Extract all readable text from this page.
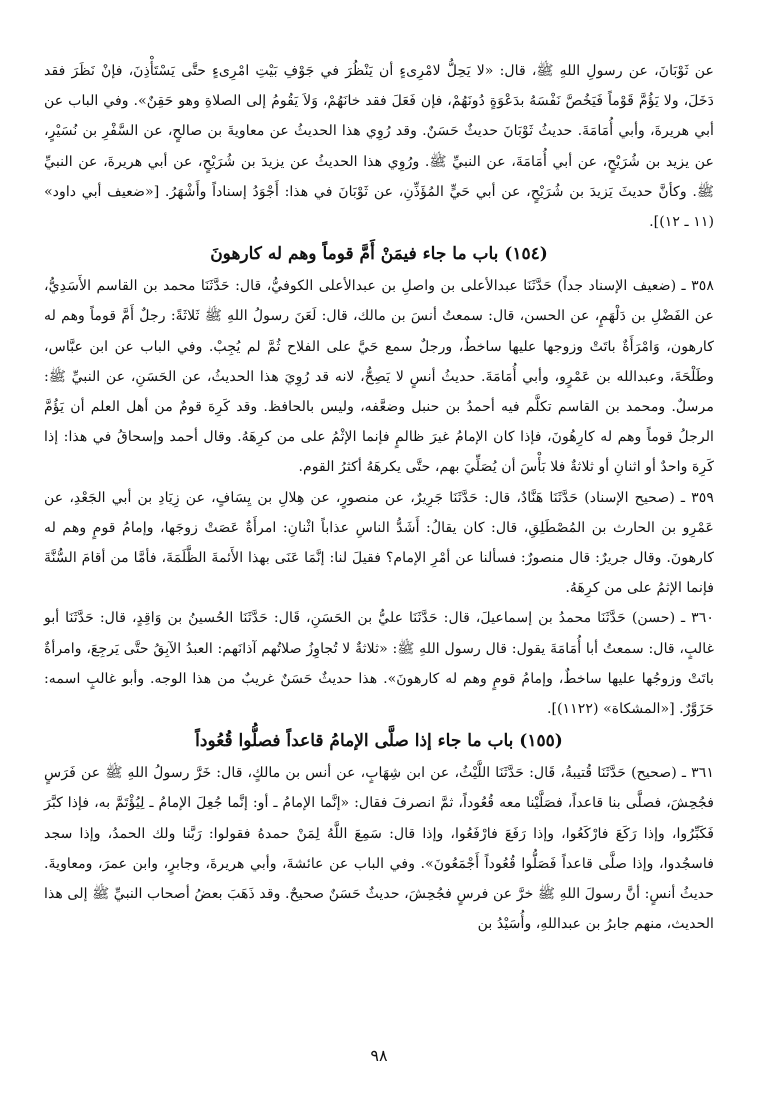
عن ثَوْبَانَ، عن رسولِ اللهِ ﷺ، قال: «لا يَحِلُّ لامْرِىءٍ أن يَنْظُرَ في جَوْفِ بَيْتِ امْرِىءٍ حتَّى يَسْتَأْذِنَ، فإنْ نَظَرَ فقد دَخَلَ، ولا يَؤُمَّ قَوْماً فَيَخُصَّ نَفْسَهُ بدَعْوَةٍ دُونَهُمْ، فإن فَعَلَ فقد خانَهُمْ، وَلاَ يَقُومُ إلى الصلاةِ وهو حَقِنٌ». وفي الباب عن أبي هريرةَ، وأبي أُمَامَةَ. حديثُ ثَوْبَانَ حديثٌ حَسَنٌ. وقد رُوِي هذا الحديثُ عن معاويةَ بن صالحٍ، عن السَّفْرِ بن نُسَيْرٍ، عن يزيد بن شُرَيْحٍ، عن أبي أُمَامَةَ، عن النبيِّ ﷺ. ورُوِي هذا الحديثُ عن يزيدَ بن شُرَيْحٍ، عن أبي هريرةَ، عن النبيِّ ﷺ. وكأنَّ حديثَ يَزيدَ بن شُرَيْحٍ، عن أبي حَيٍّ المُؤَذِّنِ، عن ثَوْبَانَ في هذا: أَجْوَدُ إسناداً وأَشْهَرُ. [«ضعيف أبي داود» (١١ ـ ١٢)].

(١٥٤) باب ما جاء فيمَنْ أَمَّ قوماً وهم له كارهونَ

٣٥٨ ـ (ضعيف الإسناد جداً) حَدَّثَنَا عبدالأعلى بن واصلِ بن عبدالأعلى الكوفيُّ، قال: حَدَّثَنَا محمد بن القاسم الأَسَدِيُّ، عن الفَضْلِ بن دَلْهَمٍ، عن الحسن، قال: سمعتُ أنسَ بن مالك، قال: لَعَنَ رسولُ اللهِ ﷺ ثَلاثَةً: رجلٌ أَمَّ قوماً وهم له كارهون، وَامْرَأَةٌ باتَتْ وزوجها عليها ساخطٌ، ورجلٌ سمع حَيَّ على الفلاح ثُمَّ لم يُجِبْ. وفي الباب عن ابن عبَّاس، وطَلْحَةَ، وعبدالله بن عَمْرٍو، وأبي أُمَامَةَ. حديثُ أنسٍ لا يَصِحُّ، لانه قد رُوِيَ هذا الحديثُ، عن الحَسَنِ، عن النبيِّ ﷺ: مرسلٌ. ومحمد بن القاسم تكلَّم فيه أحمدُ بن حنبل وضعَّفه، وليس بالحافظ. وقد كَرِهَ قومٌ من أهل العلم أن يَؤُمَّ الرجلُ قوماً وهم له كارِهُونَ، فإذا كان الإمامُ غيرَ ظالمٍ فإنما الإثْمُ على من كرِهَهُ. وقال أحمد وإسحاقُ في هذا: إذا كَرِهَ واحدٌ أو اثنانِ أو ثلاثةٌ فلا بَأْسَ أن يُصَلِّيَ بهم، حتَّى يكرهَهُ أكثرُ القوم.

٣٥٩ ـ (صحيح الإسناد) حَدَّثَنَا هَنَّادٌ، قال: حَدَّثَنَا جَرِيرٌ، عن منصورٍ، عن هِلالِ بن يِسَافٍ، عن زِيَادِ بن أبي الجَعْدِ، عن عَمْرِو بن الحارث بن المُصْطَلِقِ، قال: كان يقالُ: أَشَدُّ الناسِ عذاباً اثْنانِ: امرأَةٌ عَصَتْ زوجَها، وإمامُ قومٍ وهم له كارهونَ. وقال جريرٌ: قال منصورٌ: فسألنا عن أمْرِ الإمام؟ فقيلَ لنا: إنَّمَا عَنَى بهذا الأَئمةَ الظَّلَمَةَ، فأمَّا من أقامَ السُّنَّةَ فإنما الإثمُ على من كرِهَهُ.

٣٦٠ ـ (حسن) حَدَّثَنَا محمدُ بن إسماعيلَ، قال: حَدَّثَنَا عليُّ بن الحَسَنِ، قَال: حَدَّثَنَا الحُسينُ بن وَاقِدٍ، قال: حَدَّثَنَا أبو غالبٍ، قال: سمعتُ أبا أُمَامَةَ يقول: قال رسول اللهِ ﷺ: «ثلاثةٌ لا تُجاوِزُ صلاتُهم آذانَهم: العبدُ الآبِقُ حتَّى يَرجِعَ، وامرأةٌ باتَتْ وزوجُها عليها ساخطٌ، وإمامُ قومٍ وهم له كارهونَ». هذا حديثٌ حَسَنٌ غريبٌ من هذا الوجه. وأبو غالبٍ اسمه: حَزَوَّرٌ. [«المشكاة» (١١٢٢)].

(١٥٥) باب ما جاء إذا صلَّى الإمامُ قاعداً فصلُّوا قُعُوداً

٣٦١ ـ (صحيح) حَدَّثَنَا قُتيبةُ، قَال: حَدَّثَنَا اللَّيْثُ، عن ابن شِهَابٍ، عن أنس بن مالكٍ، قال: خَرَّ رسولُ اللهِ ﷺ عن فَرَسٍ فجُحِشَ، فصلَّى بنا قاعداً، فصَلَّيْنا معه قُعُوداً، ثمَّ انصرفَ فقال: «إنَّما الإمامُ ـ أو: إنَّما جُعِلَ الإمامُ ـ لِيُؤْتَمَّ به، فإذا كبَّرَ فَكَبِّرُوا، وإذا رَكَعَ فارْكَعُوا، وإذا رَفَعَ فارْفَعُوا، وإذا قال: سَمِعَ اللَّهُ لِمَنْ حمدهُ فقولوا: رَبَّنا ولك الحمدُ، وإذا سجد فاسجُدوا، وإذا صلَّى قاعداً فَصَلُّوا قُعُوداً أَجْمَعُونَ». وفي الباب عن عائشةَ، وأبي هريرةَ، وجابرٍ، وابن عمرَ، ومعاويةَ. حديثُ أنسٍ: أنَّ رسولَ اللهِ ﷺ خرَّ عن فرسٍ فجُحِشَ، حديثٌ حَسَنٌ صحيحٌ. وقد ذَهَبَ بعضُ أصحاب النبيِّ ﷺ إلى هذا الحديث، منهم جابرُ بن عبداللهِ، وأُسَيْدُ بن

٩٨
